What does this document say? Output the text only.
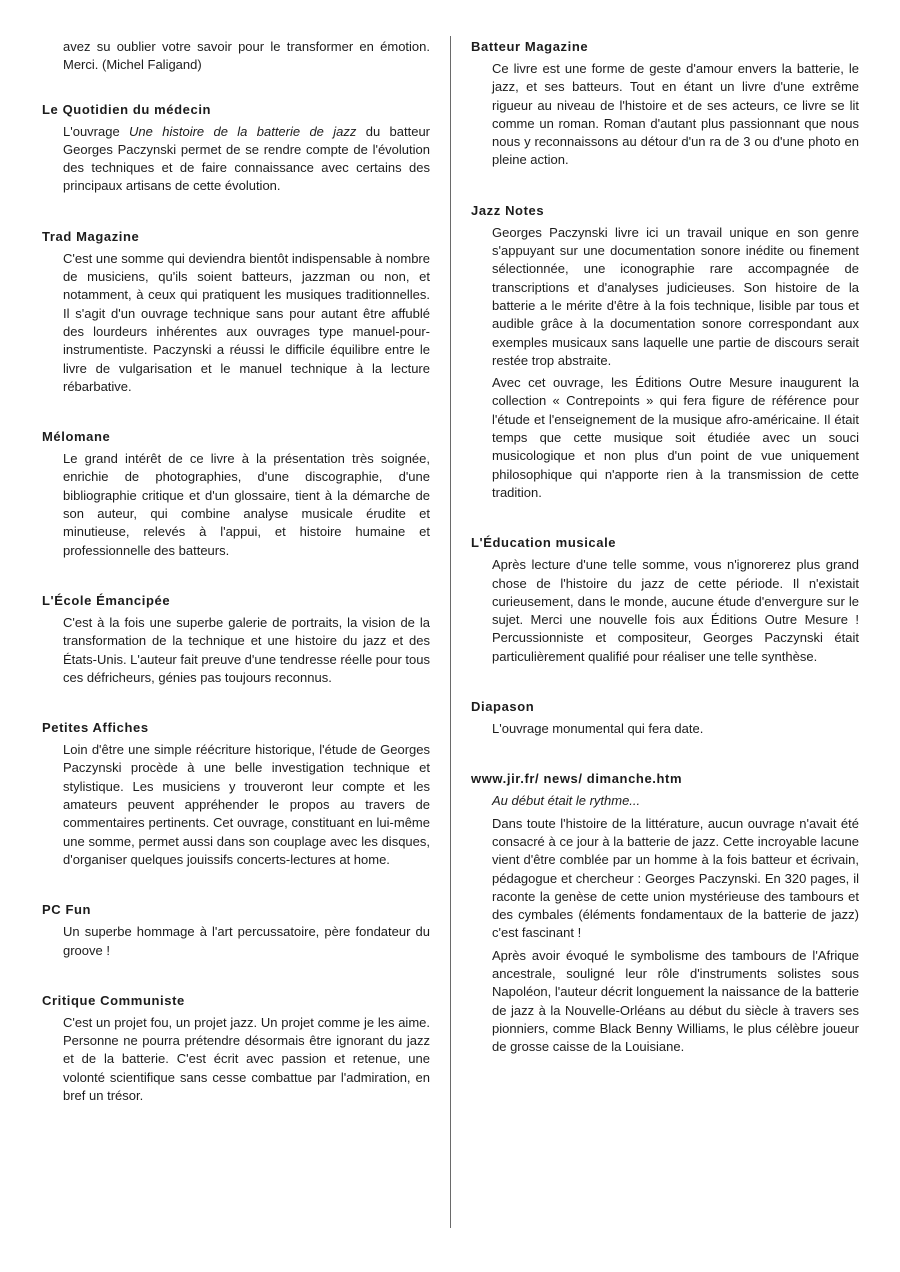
avez su oublier votre savoir pour le transformer en émotion. Merci. (Michel Faligand)

Le Quotidien du médecin

L'ouvrage Une histoire de la batterie de jazz du batteur Georges Paczynski permet de se rendre compte de l'évolution des techniques et de faire connaissance avec certains des principaux artisans de cette évolution.

Trad Magazine

C'est une somme qui deviendra bientôt indispensable à nombre de musiciens, qu'ils soient batteurs, jazzman ou non, et notamment, à ceux qui pratiquent les musiques traditionnelles. Il s'agit d'un ouvrage technique sans pour autant être affublé des lourdeurs inhérentes aux ouvrages type manuel-pour-instrumentiste. Paczynski a réussi le difficile équilibre entre le livre de vulgarisation et le manuel technique à la lecture rébarbative.

Mélomane

Le grand intérêt de ce livre à la présentation très soignée, enrichie de photographies, d'une discographie, d'une bibliographie critique et d'un glossaire, tient à la démarche de son auteur, qui combine analyse musicale érudite et minutieuse, relevés à l'appui, et histoire humaine et professionnelle des batteurs.

L'École Émancipée

C'est à la fois une superbe galerie de portraits, la vision de la transformation de la technique et une histoire du jazz et des États-Unis. L'auteur fait preuve d'une tendresse réelle pour tous ces défricheurs, génies pas toujours reconnus.

Petites Affiches

Loin d'être une simple réécriture historique, l'étude de Georges Paczynski procède à une belle investigation technique et stylistique. Les musiciens y trouveront leur compte et les amateurs peuvent appréhender le propos au travers de commentaires pertinents. Cet ouvrage, constituant en lui-même une somme, permet aussi dans son couplage avec les disques, d'organiser quelques jouissifs concerts-lectures at home.

PC Fun

Un superbe hommage à l'art percussatoire, père fondateur du groove !

Critique Communiste

C'est un projet fou, un projet jazz. Un projet comme je les aime. Personne ne pourra prétendre désormais être ignorant du jazz et de la batterie. C'est écrit avec passion et retenue, une volonté scientifique sans cesse combattue par l'admiration, en bref un trésor.

Batteur Magazine

Ce livre est une forme de geste d'amour envers la batterie, le jazz, et ses batteurs. Tout en étant un livre d'une extrême rigueur au niveau de l'histoire et de ses acteurs, ce livre se lit comme un roman. Roman d'autant plus passionnant que nous nous y reconnaissons au détour d'un ra de 3 ou d'une photo en pleine action.

Jazz Notes

Georges Paczynski livre ici un travail unique en son genre s'appuyant sur une documentation sonore inédite ou finement sélectionnée, une iconographie rare accompagnée de transcriptions et d'analyses judicieuses. Son histoire de la batterie a le mérite d'être à la fois technique, lisible par tous et audible grâce à la documentation sonore correspondant aux exemples musicaux sans laquelle une partie de discours serait restée trop abstraite.

Avec cet ouvrage, les Éditions Outre Mesure inaugurent la collection « Contrepoints » qui fera figure de référence pour l'étude et l'enseignement de la musique afro-américaine. Il était temps que cette musique soit étudiée avec un souci musicologique et non plus d'un point de vue uniquement philosophique qui n'apporte rien à la transmission de cette tradition.

L'Éducation musicale

Après lecture d'une telle somme, vous n'ignorerez plus grand chose de l'histoire du jazz de cette période. Il n'existait curieusement, dans le monde, aucune étude d'envergure sur le sujet. Merci une nouvelle fois aux Éditions Outre Mesure ! Percussionniste et compositeur, Georges Paczynski était particulièrement qualifié pour réaliser une telle synthèse.

Diapason

L'ouvrage monumental qui fera date.

www.jir.fr/ news/ dimanche.htm

Au début était le rythme...

Dans toute l'histoire de la littérature, aucun ouvrage n'avait été consacré à ce jour à la batterie de jazz. Cette incroyable lacune vient d'être comblée par un homme à la fois batteur et écrivain, pédagogue et chercheur : Georges Paczynski. En 320 pages, il raconte la genèse de cette union mystérieuse des tambours et des cymbales (éléments fondamentaux de la batterie de jazz) c'est fascinant !

Après avoir évoqué le symbolisme des tambours de l'Afrique ancestrale, souligné leur rôle d'instruments solistes sous Napoléon, l'auteur décrit longuement la naissance de la batterie de jazz à la Nouvelle-Orléans au début du siècle à travers ses pionniers, comme Black Benny Williams, le plus célèbre joueur de grosse caisse de la Louisiane.
